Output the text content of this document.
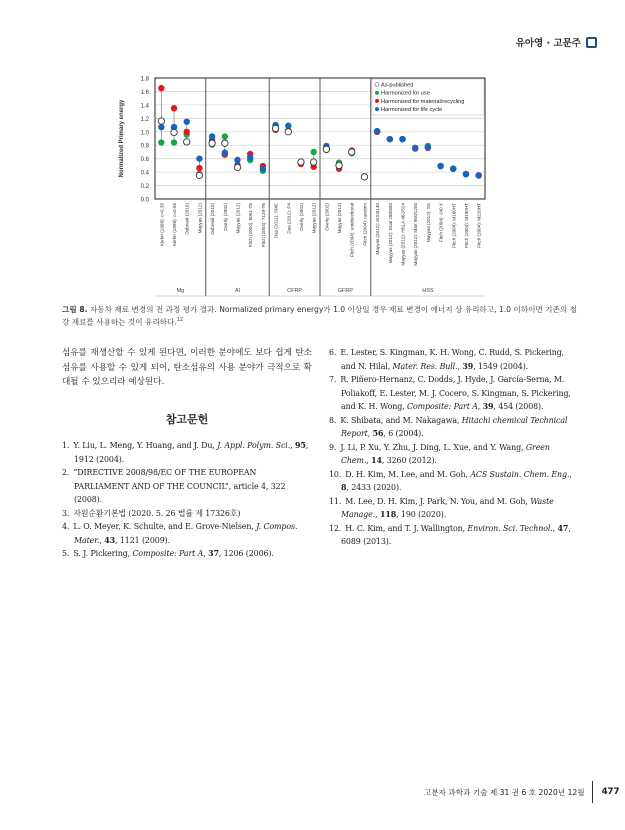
유아영 · 고문주
0.0
0.2
0.4
0.6
0.8
1.0
1.2
1.4
1.6
1.8
Normalized Primary energy
Mg	Al	CFRP	GFRP	HSS
Kiefer (1998): c=0.35 Kiefer (1998): c=0.55 Dubreuil (2010) Mayyas (2012) Dubreuil (2010) Overly (2002) Mayyas (2012) Fitch (2004): 6061-T6 Fitch (2004): 7129-T6 Das (2011): SMC Das (2011): P4 Overly (2002) Mayyas (2012) Overly (2002) Mayyas (2012) Fitch (2004): unidirectional Fitch (2004): random Mayyas (2012): AISI3140 Mayyas (2012): Dual 280/600 Mayyas (2012): HSLA 462/524 Mayyas (2012): Mart 950/1200 Mayyas (2012): SS Fitch (2004): 140 X Fitch (2004): M160HT Fitch (2004): M190HT Fitch (2004): M220HT
As-published
Harmonized for use
Harmonized for material/recycling
Harmonized for life cycle
그림 8. 자동차 재료 변경의 전 과정 평가 결과. Normalized primary energy가 1.0 이상일 경우 재료 변경이 에너지 상 유리하고, 1.0 이하이면 기존의 철강 재료를 사용하는 것이 유리하다.$^{12}$
섬유를 재생산할 수 있게 된다면, 이러한 분야에도 보다 쉽게 탄소섬유를 사용할 수 있게 되어, 탄소섬유의 사용 분야가 극적으로 확대될 수 있으리라 예상된다.
참고문헌
1. Y. Liu, L. Meng, Y. Huang, and J. Du, J. Appl. Polym. Sci., 95, 1912 (2004).
2. “DIRECTIVE 2008/98/EC OF THE EUROPEAN PARLIAMENT AND OF THE COUNCIL”, article 4, 322 (2008).
3. 자원순환기본법 (2020. 5. 26 법률 제 17326호)
4. L. O. Meyer, K. Schulte, and E. Grove-Nielsen, J. Compos. Mater., 43, 1121 (2009).
5. S. J. Pickering, Composite: Part A, 37, 1206 (2006).
6. E. Lester, S. Kingman, K. H. Wong, C. Rudd, S. Pickering, and N. Hilal, Mater. Res. Bull., 39, 1549 (2004).
7. R. Piñero-Hernanz, C. Dodds, J. Hyde, J. García-Serna, M. Poliakoff, E. Lester, M. J. Cocero, S. Kingman, S. Pickering, and K. H. Wong, Composite: Part A, 39, 454 (2008).
8. K. Shibata, and M. Nakagawa, Hitachi chemical Technical Report, 56, 6 (2004).
9. J. Li, P. Xu, Y. Zhu, J. Ding, L. Xue, and Y. Wang, Green Chem., 14, 3260 (2012).
10. D. H. Kim, M. Lee, and M. Goh, ACS Sustain. Chem. Eng., 8, 2433 (2020).
11. M. Lee, D. H. Kim, J. Park, N. You, and M. Goh, Waste Manage., 118, 190 (2020).
12. H. C. Kim, and T. J. Wallington, Environ. Sci. Technol., 47, 6089 (2013).
고분자 과학과 기술 제 31 권 6 호 2020년 12월 477
